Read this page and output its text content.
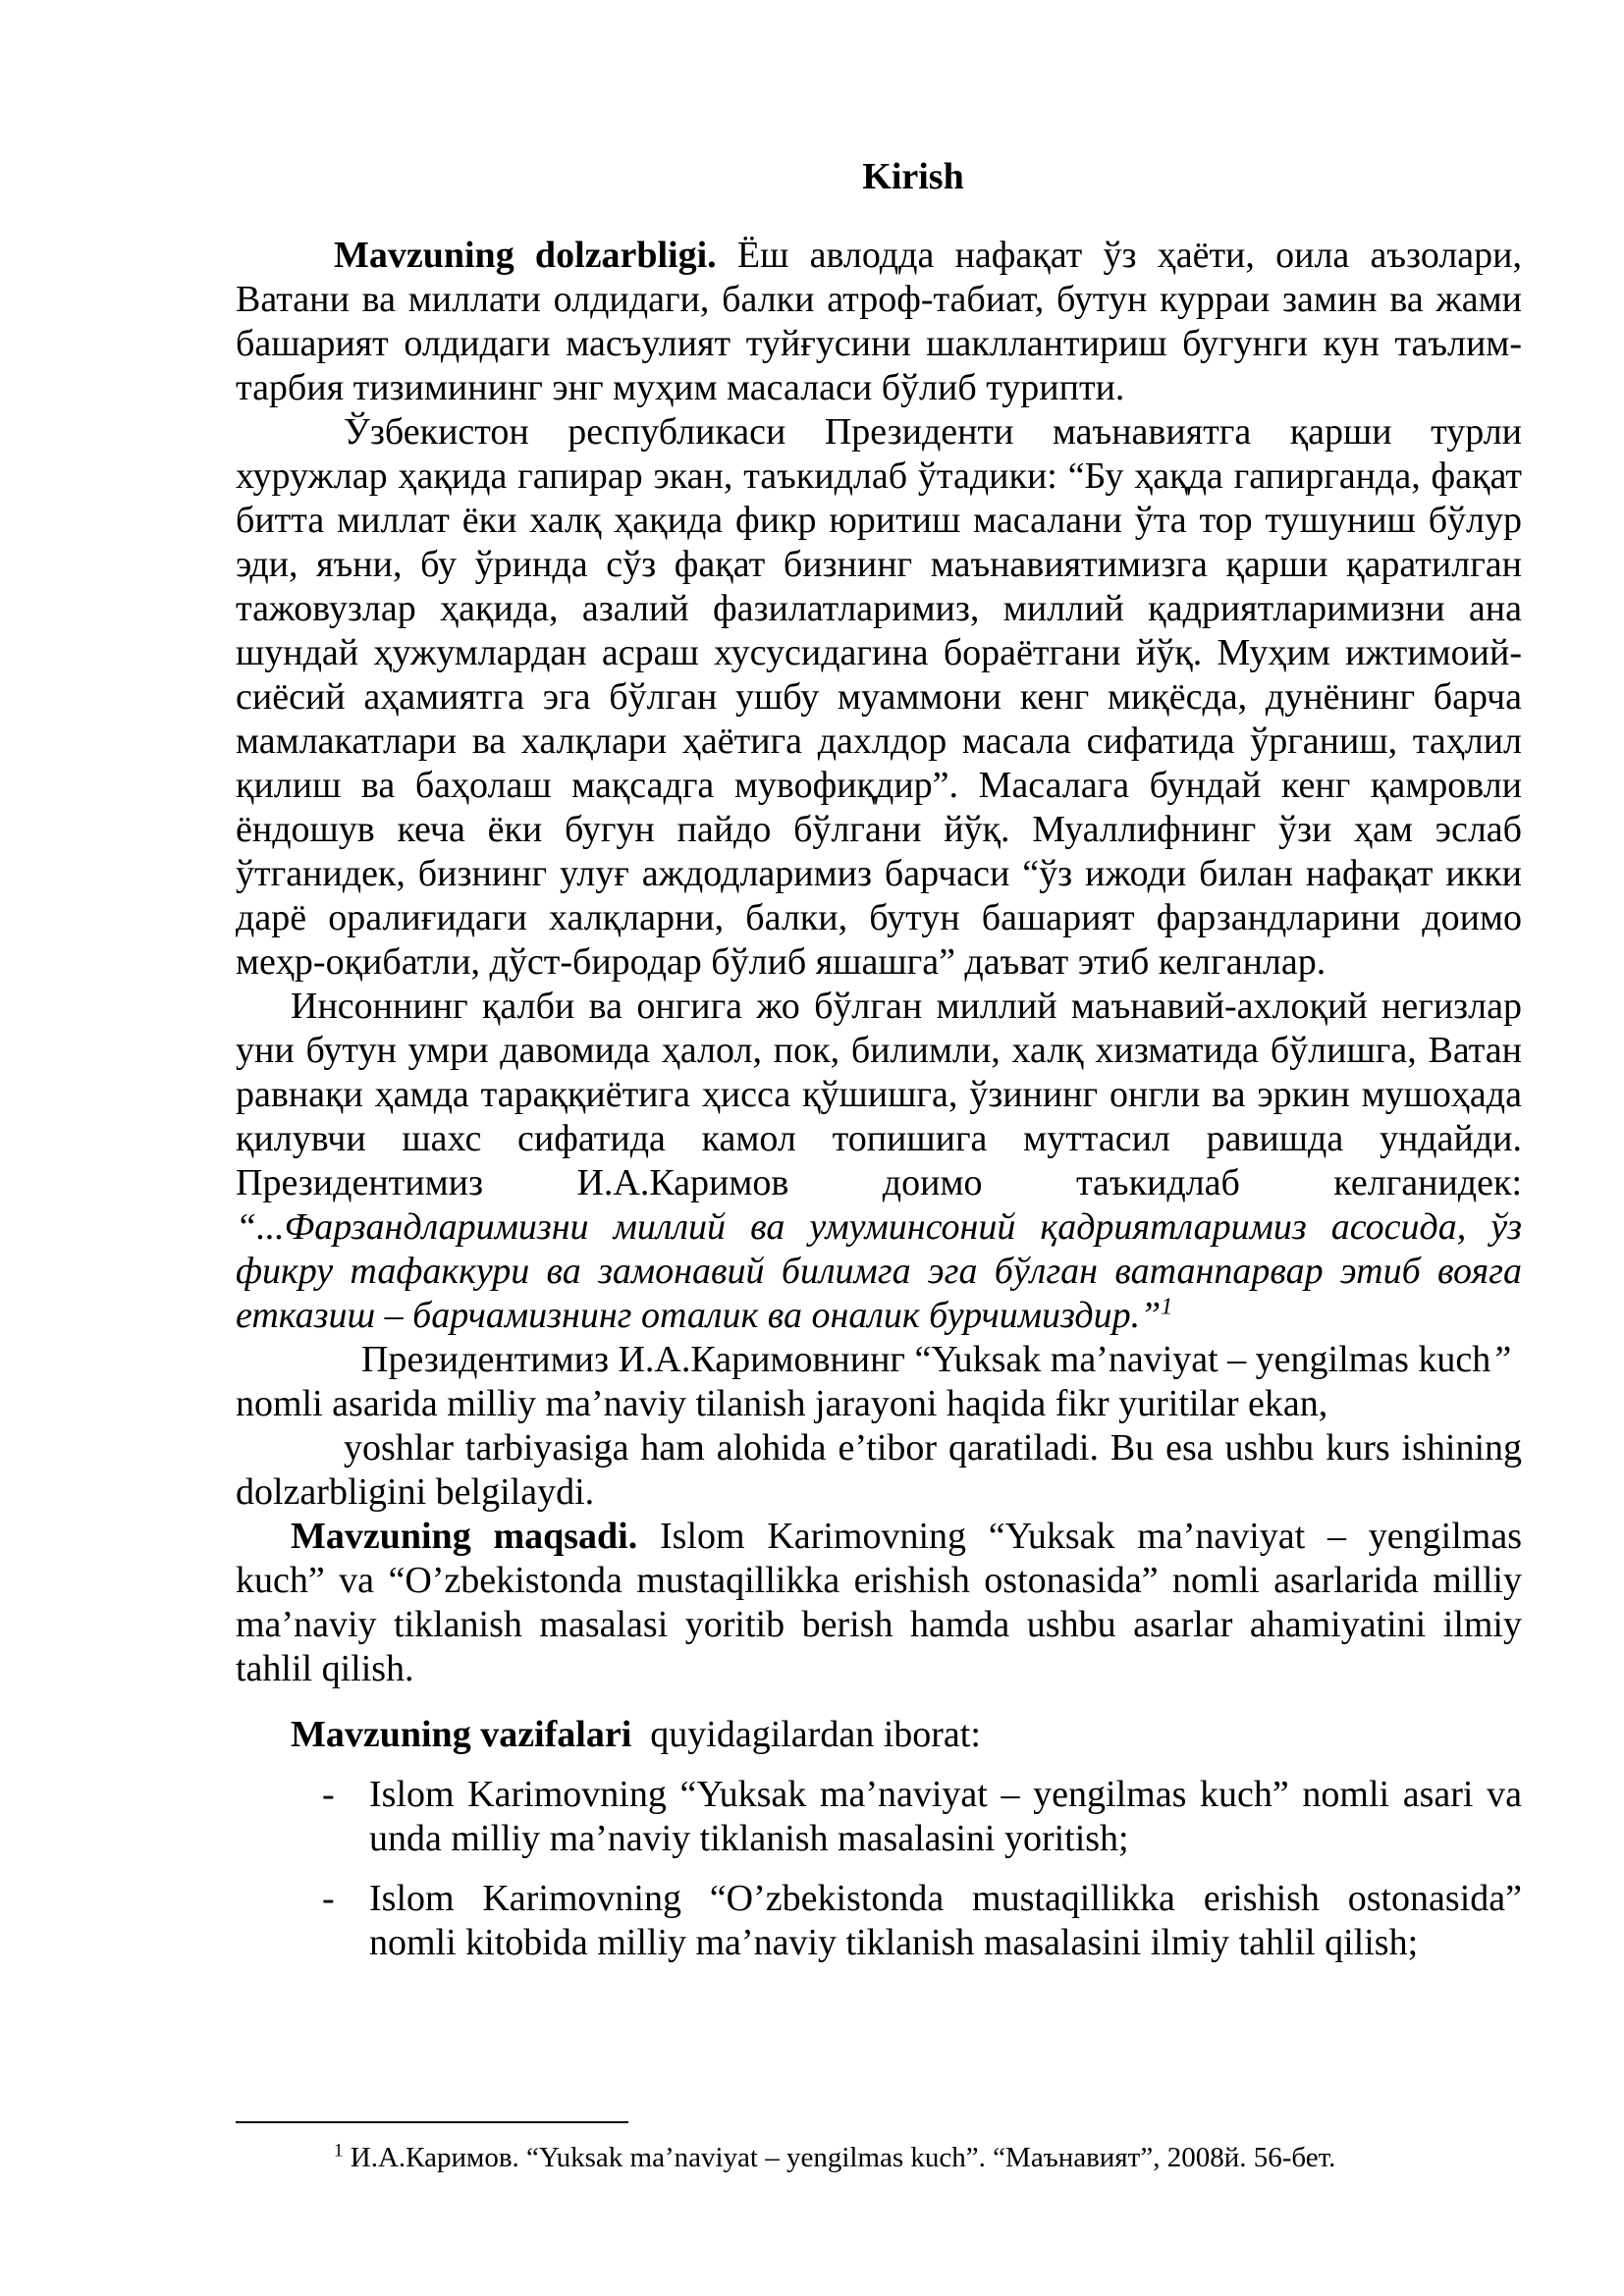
Kirish

Mavzuning dolzarbligi. Ёш авлодда нафақат ўз ҳаёти, оила аъзолари, Ватани ва миллати олдидаги, балки атроф-табиат, бутун курраи замин ва жами башарият олдидаги масъулият туйғусини шакллантириш бугунги кун таълим-тарбия тизимининг энг муҳим масаласи бўлиб турипти.

Ўзбекистон республикаси Президенти маънавиятга қарши турли хуружлар ҳақида гапирар экан, таъкидлаб ўтадики: “Бу ҳақда гапирганда, фақат битта миллат ёки халқ ҳақида фикр юритиш масалани ўта тор тушуниш бўлур эди, яъни, бу ўринда сўз фақат бизнинг маънавиятимизга қарши қаратилган тажовузлар ҳақида, азалий фазилатларимиз, миллий қадриятларимизни ана шундай ҳужумлардан асраш хусусидагина бораётгани йўқ. Муҳим ижтимоий-сиёсий аҳамиятга эга бўлган ушбу муаммони кенг миқёсда, дунёнинг барча мамлакатлари ва халқлари ҳаётига дахлдор масала сифатида ўрганиш, таҳлил қилиш ва баҳолаш мақсадга мувофиқдир”. Масалага бундай кенг қамровли ёндошув кеча ёки бугун пайдо бўлгани йўқ. Муаллифнинг ўзи ҳам эслаб ўтганидек, бизнинг улуғ аждодларимиз барчаси “ўз ижоди билан нафақат икки дарё оралиғидаги халқларни, балки, бутун башарият фарзандларини доимо меҳр-оқибатли, дўст-биродар бўлиб яшашга” даъват этиб келганлар.

Инсоннинг қалби ва онгига жо бўлган миллий маънавий-ахлоқий негизлар уни бутун умри давомида ҳалол, пок, билимли, халқ хизматида бўлишга, Ватан равнақи ҳамда тараққиётига ҳисса қўшишга, ўзининг онгли ва эркин мушоҳада қилувчи шахс сифатида камол топишига муттасил равишда ундайди. Президентимиз И.А.Каримов доимо таъкидлаб келганидек: “...Фарзандларимизни миллий ва умуминсоний қадриятларимиз асосида, ўз фикру тафаккури ва замонавий билимга эга бўлган ватанпарвар этиб вояга етказиш – барчамизнинг оталик ва оналик бурчимиздир.”$^1$

Президентимиз И.А.Каримовнинг “Yuksak ma’naviyat – yengilmas kuch” nomli asarida milliy ma’naviy tilanish jarayoni haqida fikr yuritilar ekan,

yoshlar tarbiyasiga ham alohida e’tibor qaratiladi. Bu esa ushbu kurs ishining dolzarbligini belgilaydi.

Mavzuning maqsadi. Islom Karimovning “Yuksak ma’naviyat – yengilmas kuch” va “O’zbekistonda mustaqillikka erishish ostonasida” nomli asarlarida milliy ma’naviy tiklanish masalasi yoritib berish hamda ushbu asarlar ahamiyatini ilmiy tahlil qilish.

Mavzuning vazifalari  quyidagilardan iborat:

- Islom Karimovning “Yuksak ma’naviyat – yengilmas kuch” nomli asari va unda milliy ma’naviy tiklanish masalasini yoritish;
- Islom Karimovning “O’zbekistonda mustaqillikka erishish ostonasida” nomli kitobida milliy ma’naviy tiklanish masalasini ilmiy tahlil qilish;
$^1$ И.А.Каримов. “Yuksak ma’naviyat – yengilmas kuch”. “Маънавият”, 2008й. 56-бет.
